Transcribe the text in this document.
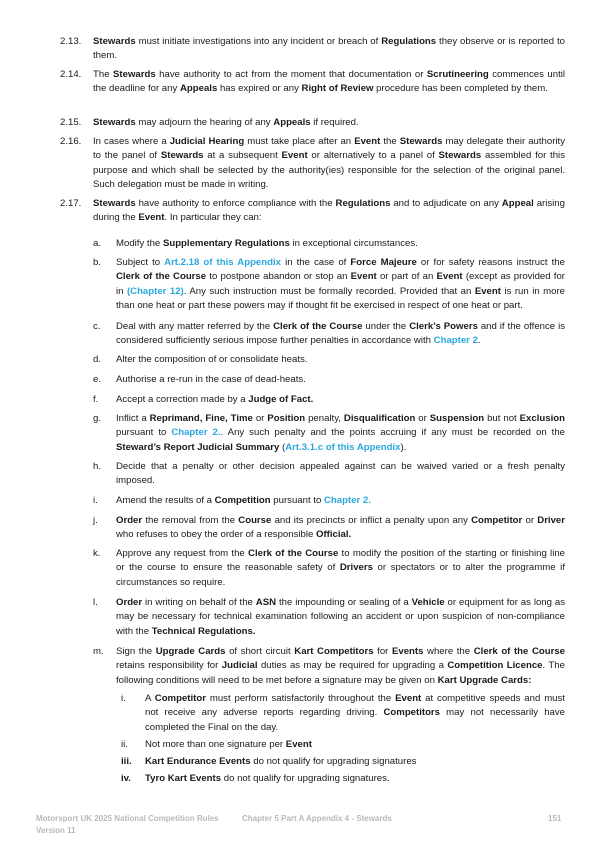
2.13. Stewards must initiate investigations into any incident or breach of Regulations they observe or is reported to them.
2.14. The Stewards have authority to act from the moment that documentation or Scrutineering commences until the deadline for any Appeals has expired or any Right of Review procedure has been completed by them.
2.15. Stewards may adjourn the hearing of any Appeals if required.
2.16. In cases where a Judicial Hearing must take place after an Event the Stewards may delegate their authority to the panel of Stewards at a subsequent Event or alternatively to a panel of Stewards assembled for this purpose and which shall be selected by the authority(ies) responsible for the selection of the original panel. Such delegation must be made in writing.
2.17. Stewards have authority to enforce compliance with the Regulations and to adjudicate on any Appeal arising during the Event. In particular they can:
a. Modify the Supplementary Regulations in exceptional circumstances.
b. Subject to Art.2.18 of this Appendix in the case of Force Majeure or for safety reasons instruct the Clerk of the Course to postpone abandon or stop an Event or part of an Event (except as provided for in (Chapter 12). Any such instruction must be formally recorded. Provided that an Event is run in more than one heat or part these powers may if thought fit be exercised in respect of one heat or part.
c. Deal with any matter referred by the Clerk of the Course under the Clerk’s Powers and if the offence is considered sufficiently serious impose further penalties in accordance with Chapter 2.
d. Alter the composition of or consolidate heats.
e. Authorise a re-run in the case of dead-heats.
f. Accept a correction made by a Judge of Fact.
g. Inflict a Reprimand, Fine, Time or Position penalty, Disqualification or Suspension but not Exclusion pursuant to Chapter 2.. Any such penalty and the points accruing if any must be recorded on the Steward’s Report Judicial Summary (Art.3.1.c of this Appendix).
h. Decide that a penalty or other decision appealed against can be waived varied or a fresh penalty imposed.
i. Amend the results of a Competition pursuant to Chapter 2.
j. Order the removal from the Course and its precincts or inflict a penalty upon any Competitor or Driver who refuses to obey the order of a responsible Official.
k. Approve any request from the Clerk of the Course to modify the position of the starting or finishing line or the course to ensure the reasonable safety of Drivers or spectators or to alter the programme if circumstances so require.
l. Order in writing on behalf of the ASN the impounding or sealing of a Vehicle or equipment for as long as may be necessary for technical examination following an accident or upon suspicion of non-compliance with the Technical Regulations.
m. Sign the Upgrade Cards of short circuit Kart Competitors for Events where the Clerk of the Course retains responsibility for Judicial duties as may be required for upgrading a Competition Licence. The following conditions will need to be met before a signature may be given on Kart Upgrade Cards:
i. A Competitor must perform satisfactorily throughout the Event at competitive speeds and must not receive any adverse reports regarding driving. Competitors may not necessarily have completed the Final on the day.
ii. Not more than one signature per Event
iii. Kart Endurance Events do not qualify for upgrading signatures
iv. Tyro Kart Events do not qualify for upgrading signatures.
Motorsport UK 2025 National Competition Rules
Version 11
Chapter 5 Part A Appendix 4 - Stewards	151
